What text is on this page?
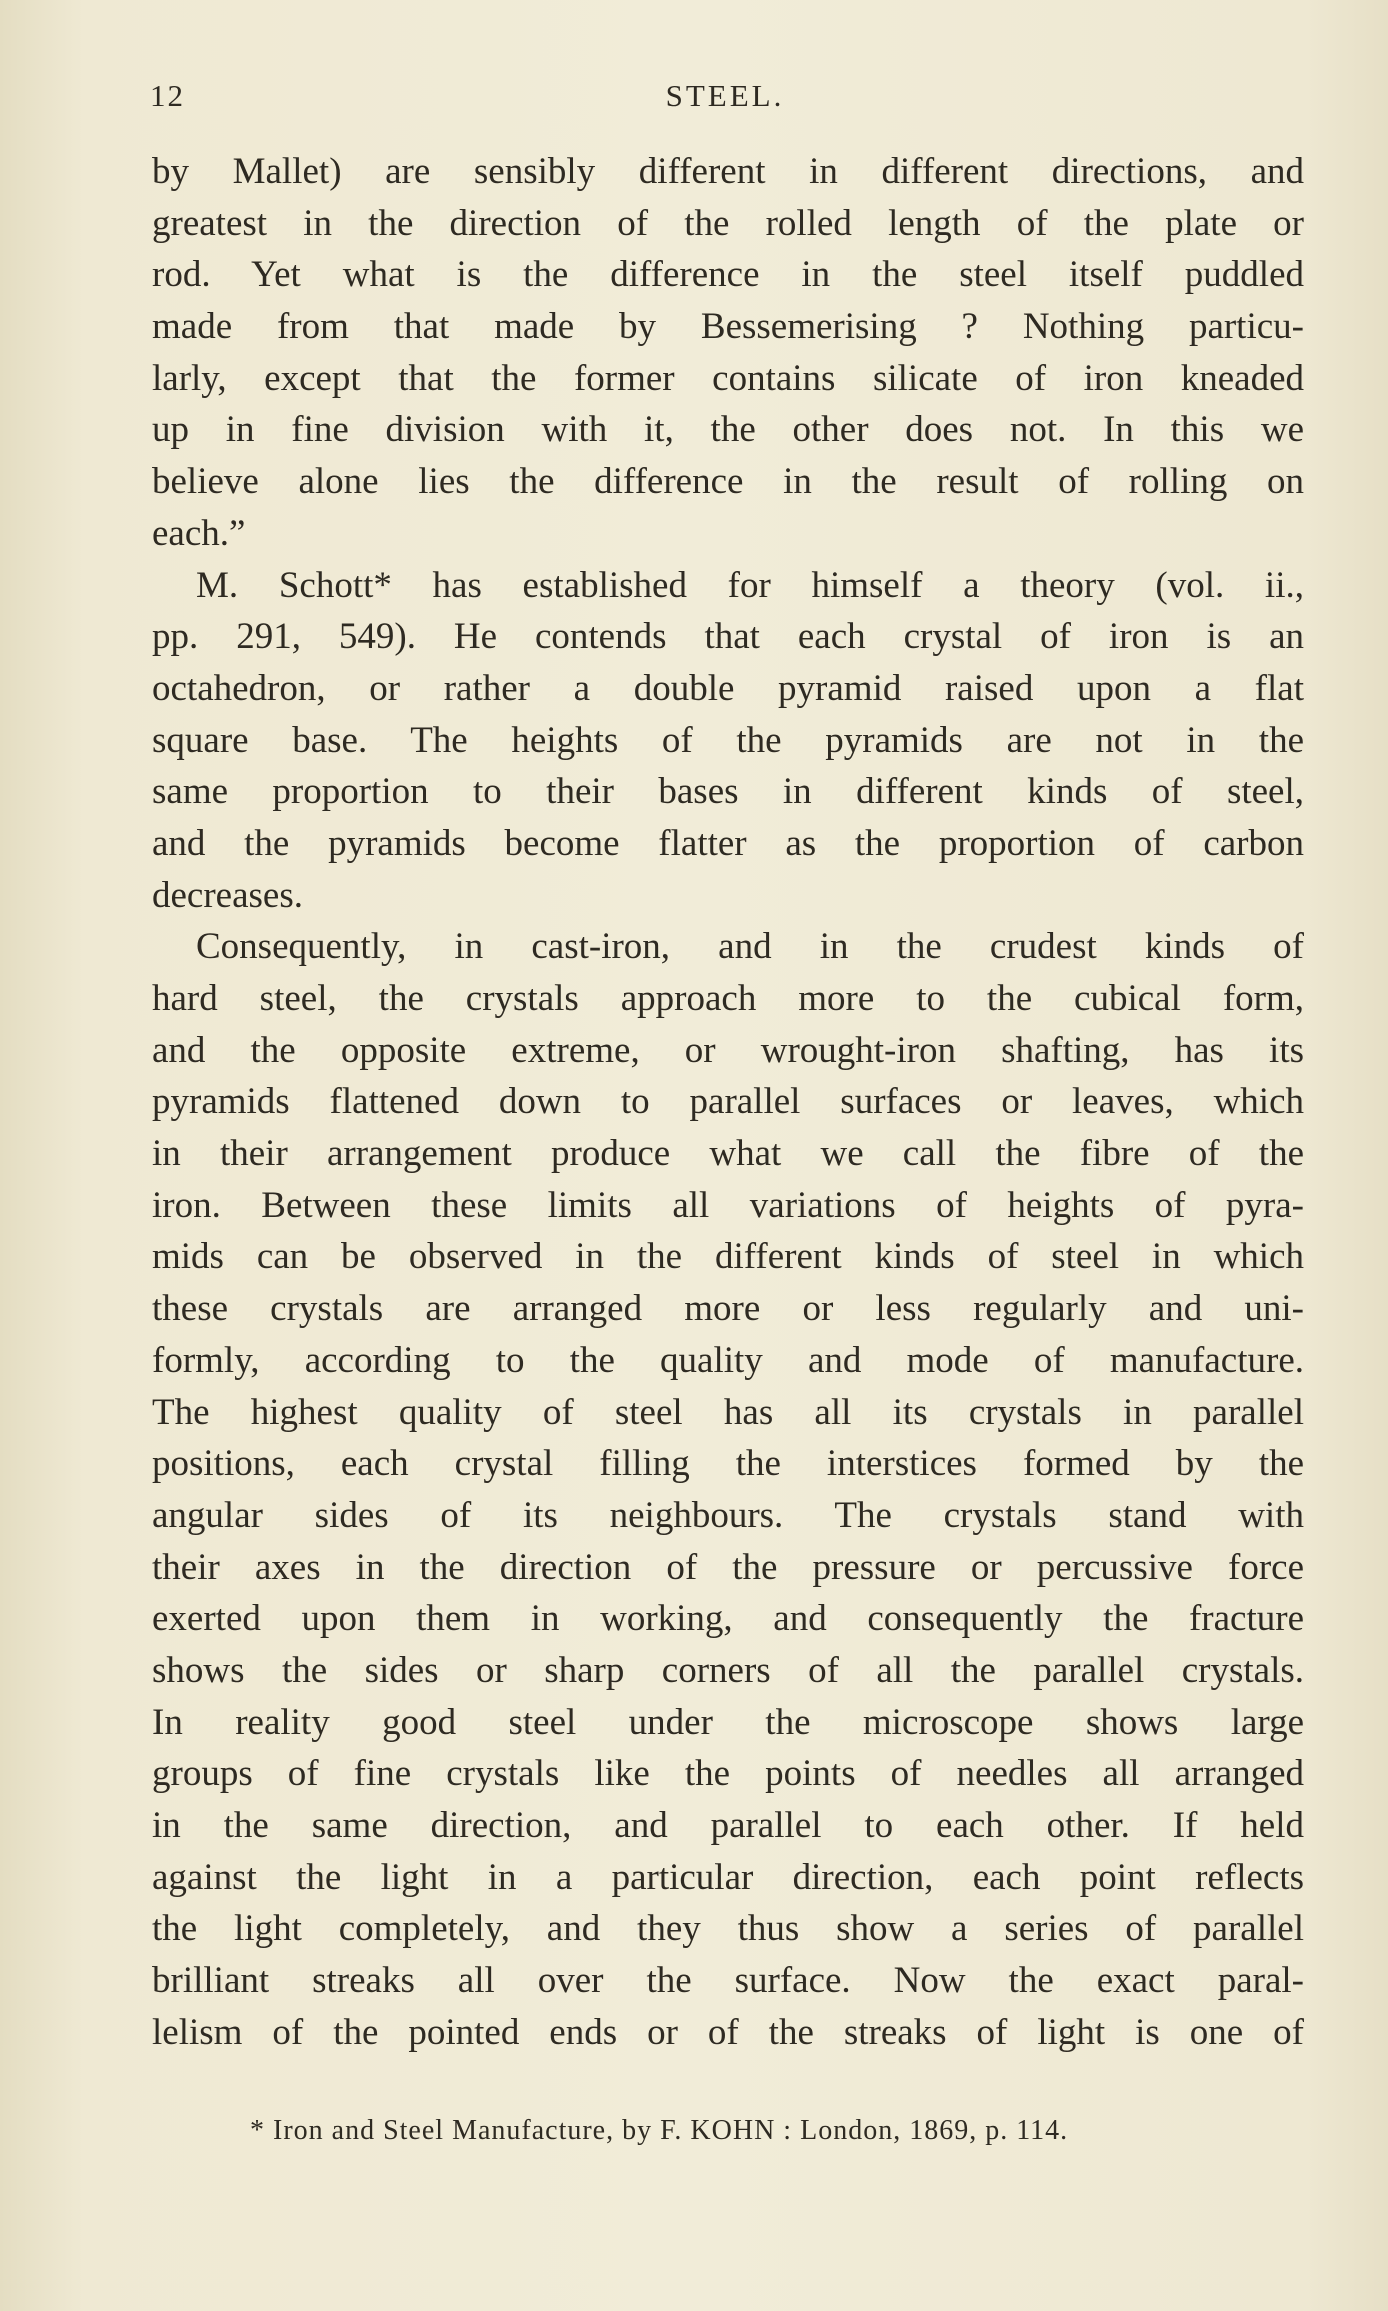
12	STEEL.
by Mallet) are sensibly different in different directions, and
greatest in the direction of the rolled length of the plate or
rod. Yet what is the difference in the steel itself puddled
made from that made by Bessemerising ? Nothing particu-
larly, except that the former contains silicate of iron kneaded
up in fine division with it, the other does not. In this we
believe alone lies the difference in the result of rolling on
each.”
M. Schott* has established for himself a theory (vol. ii.,
pp. 291, 549). He contends that each crystal of iron is an
octahedron, or rather a double pyramid raised upon a flat
square base. The heights of the pyramids are not in the
same proportion to their bases in different kinds of steel,
and the pyramids become flatter as the proportion of carbon
decreases.
Consequently, in cast-iron, and in the crudest kinds of
hard steel, the crystals approach more to the cubical form,
and the opposite extreme, or wrought-iron shafting, has its
pyramids flattened down to parallel surfaces or leaves, which
in their arrangement produce what we call the fibre of the
iron. Between these limits all variations of heights of pyra-
mids can be observed in the different kinds of steel in which
these crystals are arranged more or less regularly and uni-
formly, according to the quality and mode of manufacture.
The highest quality of steel has all its crystals in parallel
positions, each crystal filling the interstices formed by the
angular sides of its neighbours. The crystals stand with
their axes in the direction of the pressure or percussive force
exerted upon them in working, and consequently the fracture
shows the sides or sharp corners of all the parallel crystals.
In reality good steel under the microscope shows large
groups of fine crystals like the points of needles all arranged
in the same direction, and parallel to each other. If held
against the light in a particular direction, each point reflects
the light completely, and they thus show a series of parallel
brilliant streaks all over the surface. Now the exact paral-
lelism of the pointed ends or of the streaks of light is one of
* Iron and Steel Manufacture, by F. KOHN : London, 1869, p. 114.
